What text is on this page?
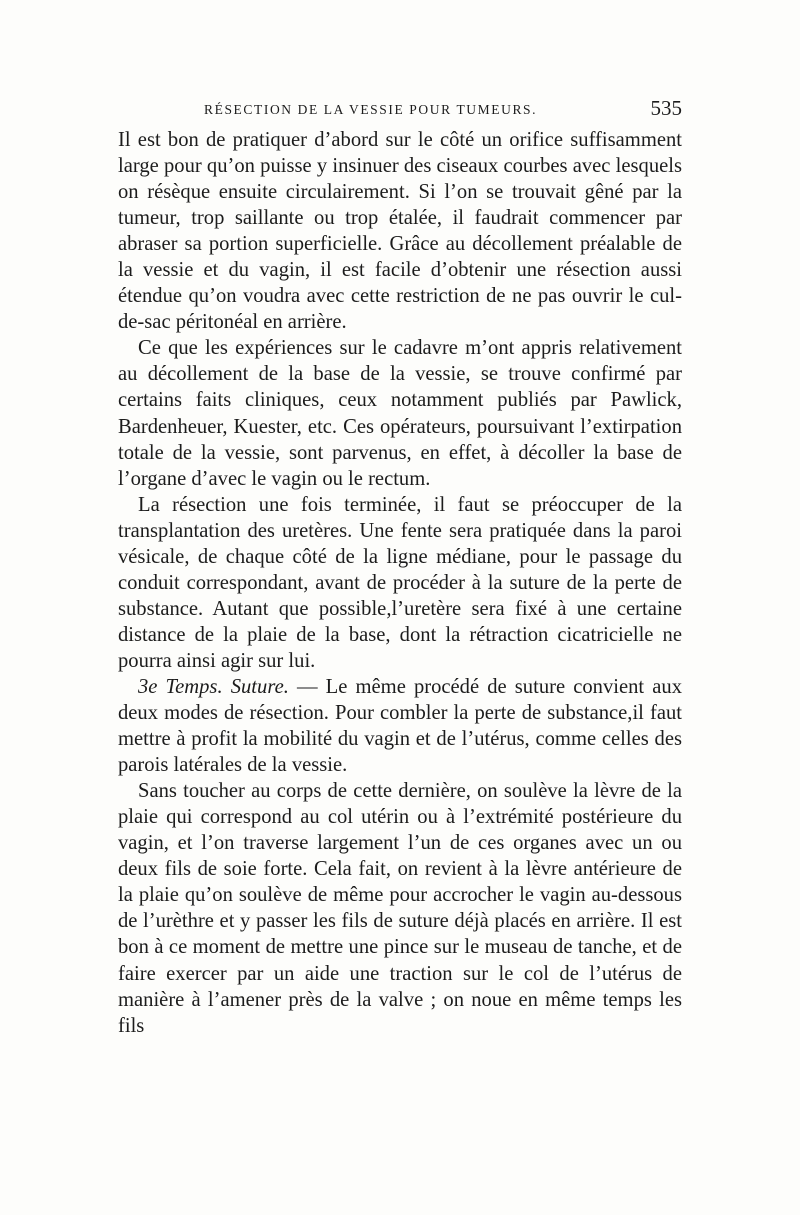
RÉSECTION DE LA VESSIE POUR TUMEURS.	535

Il est bon de pratiquer d’abord sur le côté un orifice suffisamment large pour qu’on puisse y insinuer des ciseaux courbes avec lesquels on résèque ensuite circulairement. Si l’on se trouvait gêné par la tumeur, trop saillante ou trop étalée, il faudrait commencer par abraser sa portion superficielle. Grâce au décollement préalable de la vessie et du vagin, il est facile d’obtenir une résection aussi étendue qu’on voudra avec cette restriction de ne pas ouvrir le cul-de-sac péritonéal en arrière.

Ce que les expériences sur le cadavre m’ont appris relativement au décollement de la base de la vessie, se trouve confirmé par certains faits cliniques, ceux notamment publiés par Pawlick, Bardenheuer, Kuester, etc. Ces opérateurs, poursuivant l’extirpation totale de la vessie, sont parvenus, en effet, à décoller la base de l’organe d’avec le vagin ou le rectum.

La résection une fois terminée, il faut se préoccuper de la transplantation des uretères. Une fente sera pratiquée dans la paroi vésicale, de chaque côté de la ligne médiane, pour le passage du conduit correspondant, avant de procéder à la suture de la perte de substance. Autant que possible,l’uretère sera fixé à une certaine distance de la plaie de la base, dont la rétraction cicatricielle ne pourra ainsi agir sur lui.

3e Temps. Suture. — Le même procédé de suture convient aux deux modes de résection. Pour combler la perte de substance,il faut mettre à profit la mobilité du vagin et de l’utérus, comme celles des parois latérales de la vessie.

Sans toucher au corps de cette dernière, on soulève la lèvre de la plaie qui correspond au col utérin ou à l’extrémité postérieure du vagin, et l’on traverse largement l’un de ces organes avec un ou deux fils de soie forte. Cela fait, on revient à la lèvre antérieure de la plaie qu’on soulève de même pour accrocher le vagin au-dessous de l’urèthre et y passer les fils de suture déjà placés en arrière. Il est bon à ce moment de mettre une pince sur le museau de tanche, et de faire exercer par un aide une traction sur le col de l’utérus de manière à l’amener près de la valve ; on noue en même temps les fils
